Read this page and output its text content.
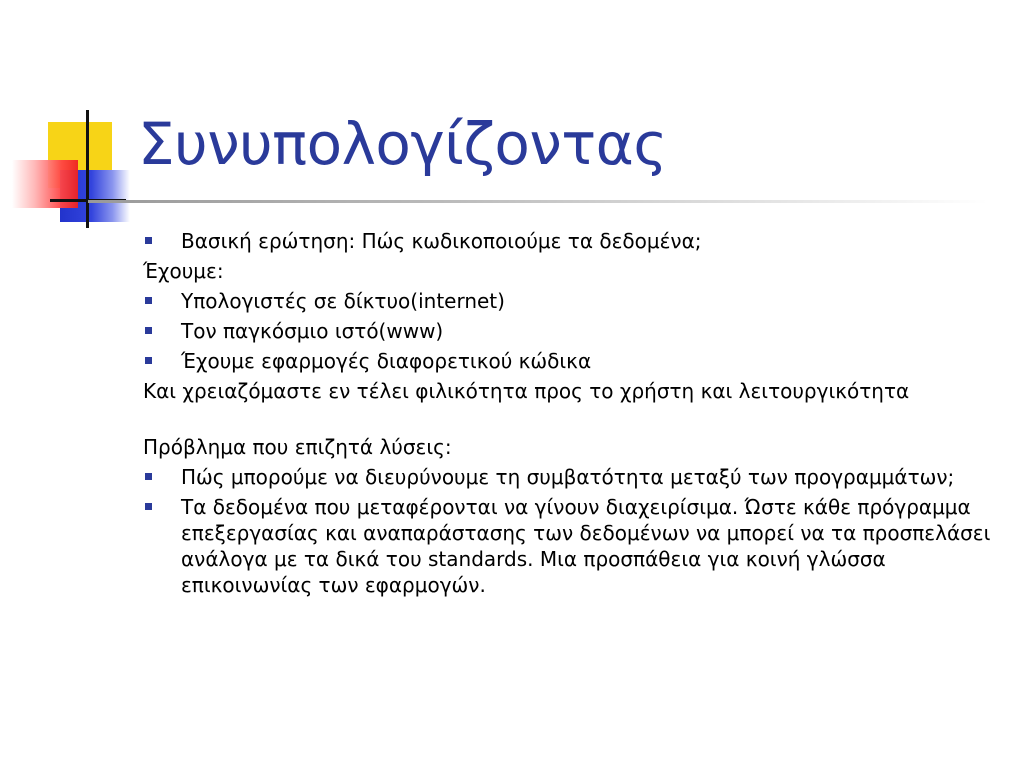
Συνυπολογίζοντας
Βασική ερώτηση: Πώς κωδικοποιούμε τα δεδομένα;
Έχουμε:
Υπολογιστές σε δίκτυο(internet)
Τον παγκόσμιο ιστό(www)
Έχουμε εφαρμογές διαφορετικού κώδικα
Και χρειαζόμαστε εν τέλει φιλικότητα προς το χρήστη και λειτουργικότητα
Πρόβλημα που επιζητά λύσεις:
Πώς μπορούμε να διευρύνουμε τη συμβατότητα μεταξύ των προγραμμάτων;
Τα δεδομένα που μεταφέρονται να γίνουν διαχειρίσιμα. Ώστε κάθε πρόγραμμα επεξεργασίας και αναπαράστασης των δεδομένων να μπορεί να τα προσπελάσει ανάλογα με τα δικά του standards. Μια προσπάθεια για κοινή γλώσσα επικοινωνίας των εφαρμογών.
